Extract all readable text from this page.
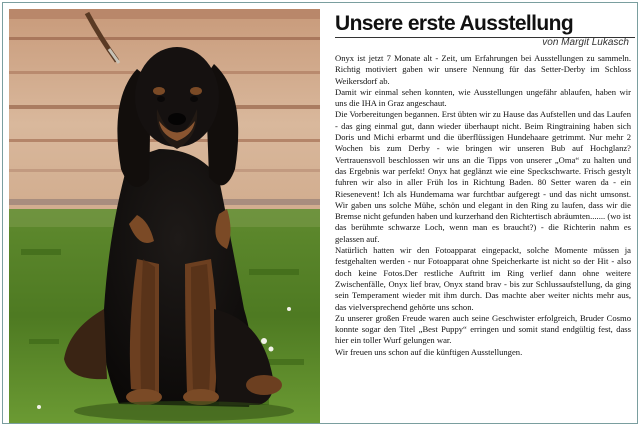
Unsere erste Ausstellung
von Margit Lukasch

Onyx ist jetzt 7 Monate alt - Zeit, um Erfahrungen bei Ausstellungen zu sammeln. Richtig motiviert gaben wir unsere Nennung für das Setter-Derby im Schloss Weikersdorf ab.

Damit wir einmal sehen konnten, wie Ausstellungen ungefähr ablaufen, haben wir uns die IHA in Graz angeschaut.

Die Vorbereitungen begannen. Erst übten wir zu Hause das Aufstellen und das Laufen - das ging einmal gut, dann wieder überhaupt nicht. Beim Ringtraining haben sich Doris und Michi erbarmt und die überflüssigen Hundehaare getrimmt. Nur mehr 2 Wochen bis zum Derby - wie bringen wir unseren Bub auf Hochglanz? Vertrauensvoll beschlossen wir uns an die Tipps von unserer „Oma“ zu halten und das Ergebnis war perfekt! Onyx hat geglänzt wie eine Speckschwarte. Frisch gestylt fuhren wir also in aller Früh los in Richtung Baden. 80 Setter waren da - ein Riesenevent! Ich als Hundemama war furchtbar aufgeregt - und das nicht umsonst. Wir gaben uns solche Mühe, schön und elegant in den Ring zu laufen, dass wir die Bremse nicht gefunden haben und kurzerhand den Richtertisch abräumten....... (wo ist das berühmte schwarze Loch, wenn man es braucht?) - die Richterin nahm es gelassen auf.

Natürlich hatten wir den Fotoapparat eingepackt, solche Momente müssen ja festgehalten werden - nur Fotoapparat ohne Speicherkarte ist nicht so der Hit - also doch keine Fotos.Der restliche Auftritt im Ring verlief dann ohne weitere Zwischenfälle, Onyx lief brav, Onyx stand brav - bis zur Schlussaufstellung, da ging sein Temperament wieder mit ihm durch. Das machte aber weiter nichts mehr aus, das vielversprechend gehörte uns schon.

Zu unserer großen Freude waren auch seine Geschwister erfolgreich, Bruder Cosmo konnte sogar den Titel „Best Puppy“ erringen und somit stand endgültig fest, dass hier ein toller Wurf gelungen war.

Wir freuen uns schon auf die künftigen Ausstellungen.
